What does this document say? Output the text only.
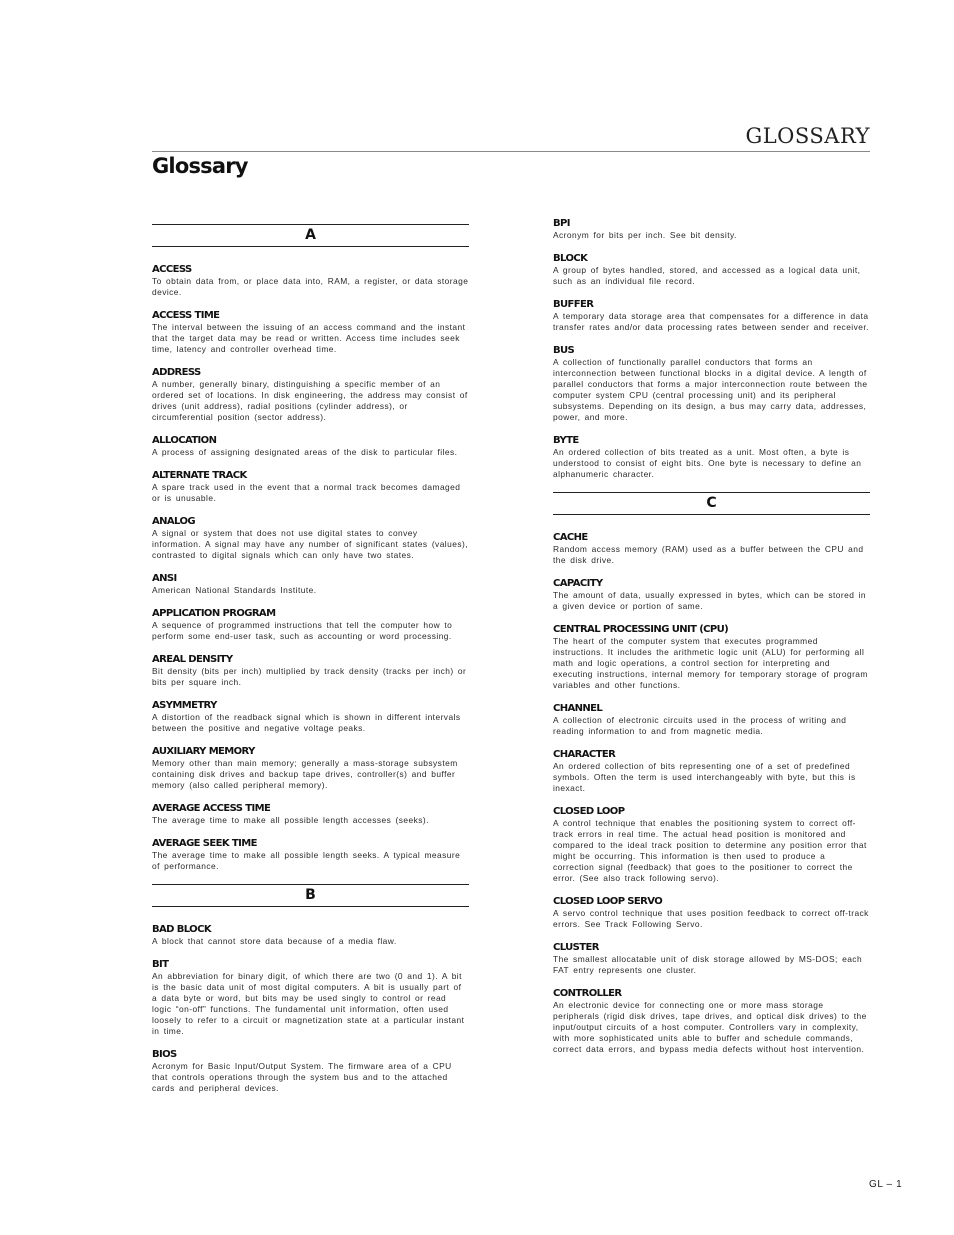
GLOSSARY
Glossary
A
ACCESS
To obtain data from, or place data into, RAM, a register, or data storage device.
ACCESS TIME
The interval between the issuing of an access command and the instant that the target data may be read or written. Access time includes seek time, latency and controller overhead time.
ADDRESS
A number, generally binary, distinguishing a specific member of an ordered set of locations. In disk engineering, the address may consist of drives (unit address), radial positions (cylinder address), or circumferential position (sector address).
ALLOCATION
A process of assigning designated areas of the disk to particular files.
ALTERNATE TRACK
A spare track used in the event that a normal track becomes damaged or is unusable.
ANALOG
A signal or system that does not use digital states to convey information. A signal may have any number of significant states (values), contrasted to digital signals which can only have two states.
ANSI
American National Standards Institute.
APPLICATION PROGRAM
A sequence of programmed instructions that tell the computer how to perform some end-user task, such as accounting or word processing.
AREAL DENSITY
Bit density (bits per inch) multiplied by track density (tracks per inch) or bits per square inch.
ASYMMETRY
A distortion of the readback signal which is shown in different intervals between the positive and negative voltage peaks.
AUXILIARY MEMORY
Memory other than main memory; generally a mass-storage subsystem containing disk drives and backup tape drives, controller(s) and buffer memory (also called peripheral memory).
AVERAGE ACCESS TIME
The average time to make all possible length accesses (seeks).
AVERAGE SEEK TIME
The average time to make all possible length seeks. A typical measure of performance.
B
BAD BLOCK
A block that cannot store data because of a media flaw.
BIT
An abbreviation for binary digit, of which there are two (0 and 1). A bit is the basic data unit of most digital computers. A bit is usually part of a data byte or word, but bits may be used singly to control or read logic “on-off” functions. The fundamental unit information, often used loosely to refer to a circuit or magnetization state at a particular instant in time.
BIOS
Acronym for Basic Input/Output System. The firmware area of a CPU that controls operations through the system bus and to the attached cards and peripheral devices.
BPI
Acronym for bits per inch. See bit density.
BLOCK
A group of bytes handled, stored, and accessed as a logical data unit, such as an individual file record.
BUFFER
A temporary data storage area that compensates for a difference in data transfer rates and/or data processing rates between sender and receiver.
BUS
A collection of functionally parallel conductors that forms an interconnection between functional blocks in a digital device. A length of parallel conductors that forms a major interconnection route between the computer system CPU (central processing unit) and its peripheral subsystems. Depending on its design, a bus may carry data, addresses, power, and more.
BYTE
An ordered collection of bits treated as a unit. Most often, a byte is understood to consist of eight bits. One byte is necessary to define an alphanumeric character.
C
CACHE
Random access memory (RAM) used as a buffer between the CPU and the disk drive.
CAPACITY
The amount of data, usually expressed in bytes, which can be stored in a given device or portion of same.
CENTRAL PROCESSING UNIT (CPU)
The heart of the computer system that executes programmed instructions. It includes the arithmetic logic unit (ALU) for performing all math and logic operations, a control section for interpreting and executing instructions, internal memory for temporary storage of program variables and other functions.
CHANNEL
A collection of electronic circuits used in the process of writing and reading information to and from magnetic media.
CHARACTER
An ordered collection of bits representing one of a set of predefined symbols. Often the term is used interchangeably with byte, but this is inexact.
CLOSED LOOP
A control technique that enables the positioning system to correct off-track errors in real time. The actual head position is monitored and compared to the ideal track position to determine any position error that might be occurring. This information is then used to produce a correction signal (feedback) that goes to the positioner to correct the error. (See also track following servo).
CLOSED LOOP SERVO
A servo control technique that uses position feedback to correct off-track errors. See Track Following Servo.
CLUSTER
The smallest allocatable unit of disk storage allowed by MS-DOS; each FAT entry represents one cluster.
CONTROLLER
An electronic device for connecting one or more mass storage peripherals (rigid disk drives, tape drives, and optical disk drives) to the input/output circuits of a host computer. Controllers vary in complexity, with more sophisticated units able to buffer and schedule commands, correct data errors, and bypass media defects without host intervention.
GL – 1
